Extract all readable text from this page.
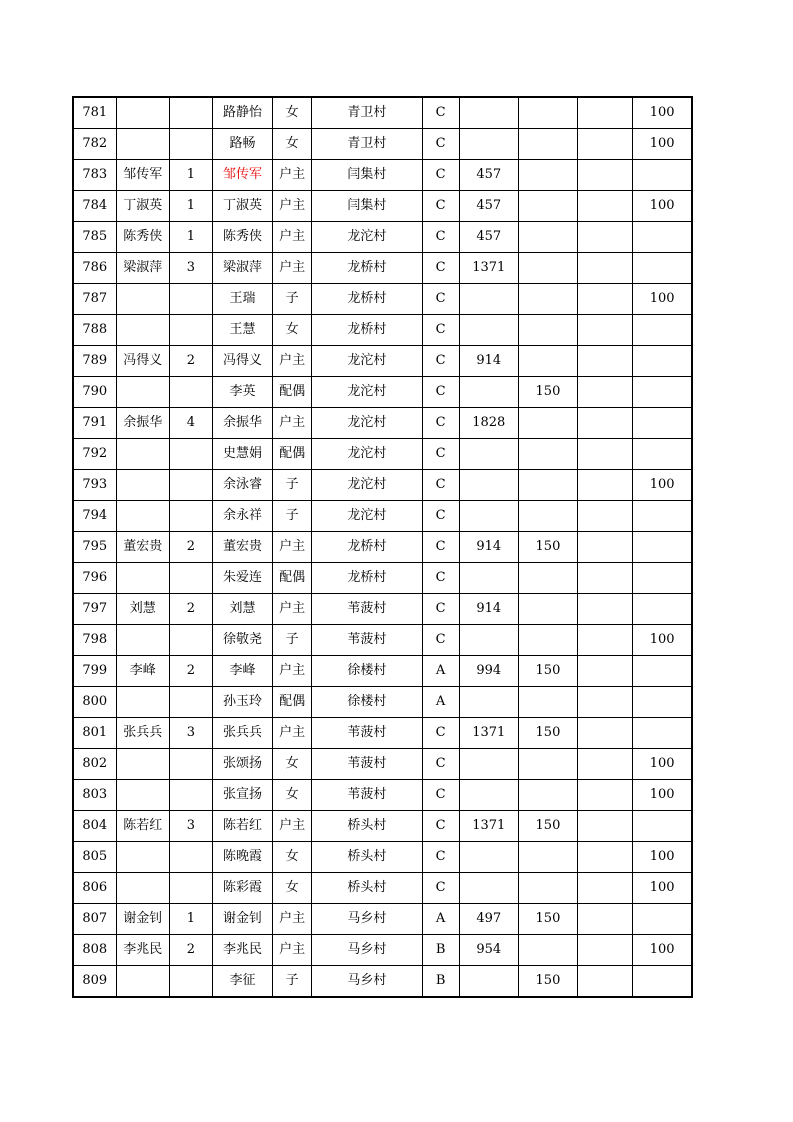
781			路静怡	女	青卫村	C				100
782			路畅	女	青卫村	C				100
783	邹传军	1	邹传军	户主	闫集村	C	457			
784	丁淑英	1	丁淑英	户主	闫集村	C	457			100
785	陈秀侠	1	陈秀侠	户主	龙沱村	C	457			
786	梁淑萍	3	梁淑萍	户主	龙桥村	C	1371			
787			王瑞	子	龙桥村	C				100
788			王慧	女	龙桥村	C				
789	冯得义	2	冯得义	户主	龙沱村	C	914			
790			李英	配偶	龙沱村	C		150		
791	余振华	4	余振华	户主	龙沱村	C	1828			
792			史慧娟	配偶	龙沱村	C				
793			余泳睿	子	龙沱村	C				100
794			余永祥	子	龙沱村	C				
795	董宏贵	2	董宏贵	户主	龙桥村	C	914	150		
796			朱爱连	配偶	龙桥村	C				
797	刘慧	2	刘慧	户主	苇菠村	C	914			
798			徐敬尧	子	苇菠村	C				100
799	李峰	2	李峰	户主	徐楼村	A	994	150		
800			孙玉玲	配偶	徐楼村	A				
801	张兵兵	3	张兵兵	户主	苇菠村	C	1371	150		
802			张颂扬	女	苇菠村	C				100
803			张宣扬	女	苇菠村	C				100
804	陈若红	3	陈若红	户主	桥头村	C	1371	150		
805			陈晚霞	女	桥头村	C				100
806			陈彩霞	女	桥头村	C				100
807	谢金钊	1	谢金钊	户主	马乡村	A	497	150		
808	李兆民	2	李兆民	户主	马乡村	B	954			100
809			李征	子	马乡村	B		150		
